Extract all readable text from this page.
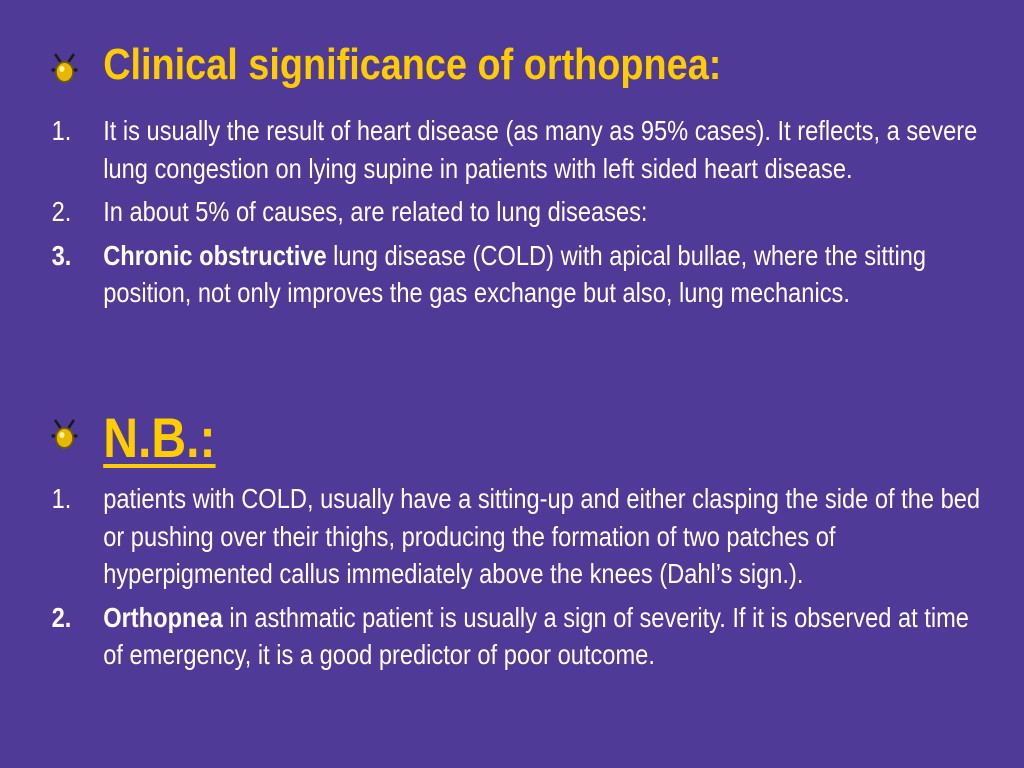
Clinical significance of orthopnea:
1. It is usually the result of heart disease (as many as 95% cases). It reflects, a severe lung congestion on lying supine in patients with left sided heart disease.
2. In about 5% of causes, are related to lung diseases:
3. Chronic obstructive lung disease (COLD) with apical bullae, where the sitting position, not only improves the gas exchange but also, lung mechanics.
N.B.:
1. patients with COLD, usually have a sitting-up and either clasping the side of the bed or pushing over their thighs, producing the formation of two patches of hyperpigmented callus immediately above the knees (Dahl’s sign.).
2. Orthopnea in asthmatic patient is usually a sign of severity. If it is observed at time of emergency, it is a good predictor of poor outcome.
